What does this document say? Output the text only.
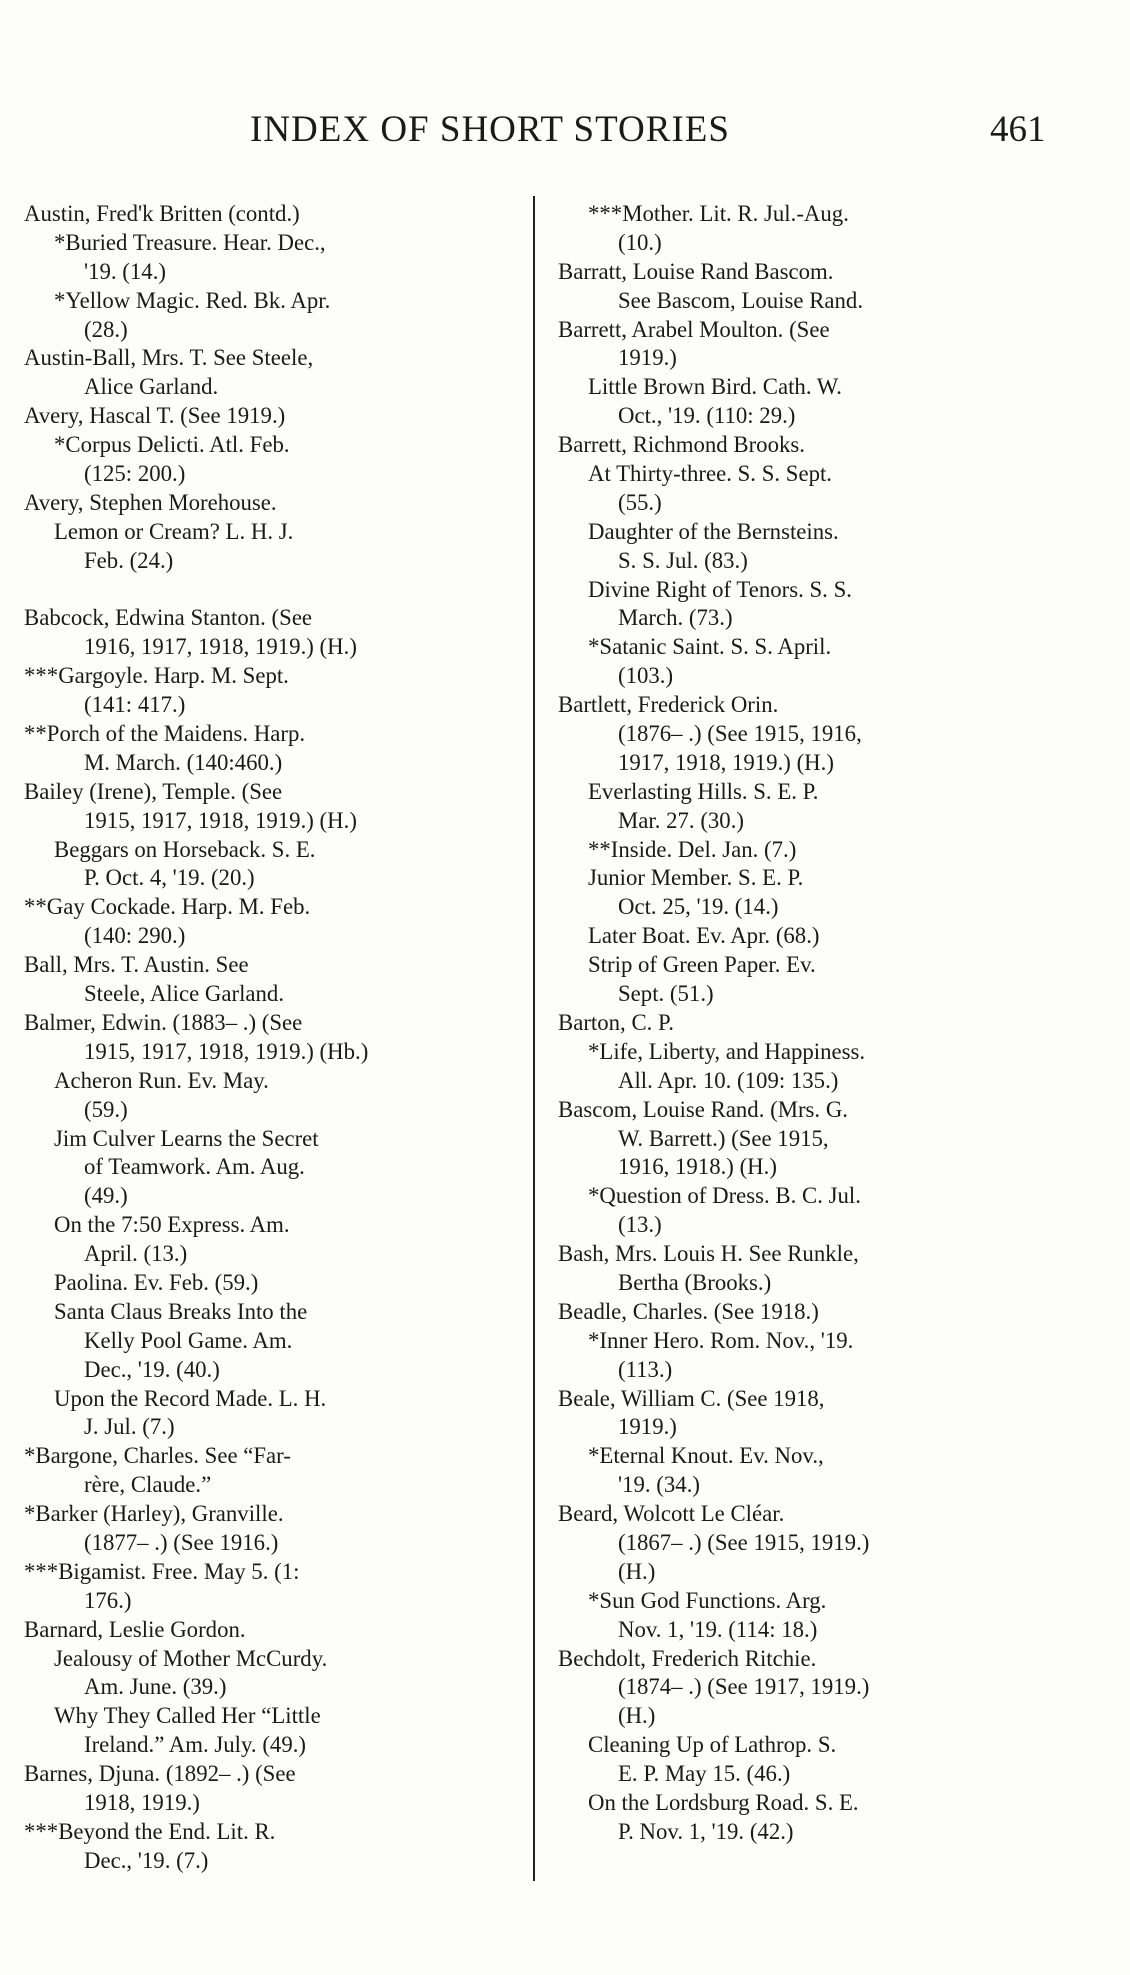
INDEX OF SHORT STORIES	461
Austin, Fred'k Britten (contd.)
*Buried Treasure. Hear. Dec.,
'19. (14.)
*Yellow Magic. Red. Bk. Apr.
(28.)
Austin-Ball, Mrs. T. See Steele,
Alice Garland.
Avery, Hascal T. (See 1919.)
*Corpus Delicti. Atl. Feb.
(125: 200.)
Avery, Stephen Morehouse.
Lemon or Cream? L. H. J.
Feb. (24.)
Babcock, Edwina Stanton. (See
1916, 1917, 1918, 1919.) (H.)
***Gargoyle. Harp. M. Sept.
(141: 417.)
**Porch of the Maidens. Harp.
M. March. (140:460.)
Bailey (Irene), Temple. (See
1915, 1917, 1918, 1919.) (H.)
Beggars on Horseback. S. E.
P. Oct. 4, '19. (20.)
**Gay Cockade. Harp. M. Feb.
(140: 290.)
Ball, Mrs. T. Austin. See
Steele, Alice Garland.
Balmer, Edwin. (1883– .) (See
1915, 1917, 1918, 1919.) (Hb.)
Acheron Run. Ev. May.
(59.)
Jim Culver Learns the Secret
of Teamwork. Am. Aug.
(49.)
On the 7:50 Express. Am.
April. (13.)
Paolina. Ev. Feb. (59.)
Santa Claus Breaks Into the
Kelly Pool Game. Am.
Dec., '19. (40.)
Upon the Record Made. L. H.
J. Jul. (7.)
*Bargone, Charles. See “Far-
rère, Claude.”
*Barker (Harley), Granville.
(1877– .) (See 1916.)
***Bigamist. Free. May 5. (1:
176.)
Barnard, Leslie Gordon.
Jealousy of Mother McCurdy.
Am. June. (39.)
Why They Called Her “Little
Ireland.” Am. July. (49.)
Barnes, Djuna. (1892– .) (See
1918, 1919.)
***Beyond the End. Lit. R.
Dec., '19. (7.)
***Mother. Lit. R. Jul.-Aug.
(10.)
Barratt, Louise Rand Bascom.
See Bascom, Louise Rand.
Barrett, Arabel Moulton. (See
1919.)
Little Brown Bird. Cath. W.
Oct., '19. (110: 29.)
Barrett, Richmond Brooks.
At Thirty-three. S. S. Sept.
(55.)
Daughter of the Bernsteins.
S. S. Jul. (83.)
Divine Right of Tenors. S. S.
March. (73.)
*Satanic Saint. S. S. April.
(103.)
Bartlett, Frederick Orin.
(1876– .) (See 1915, 1916,
1917, 1918, 1919.) (H.)
Everlasting Hills. S. E. P.
Mar. 27. (30.)
**Inside. Del. Jan. (7.)
Junior Member. S. E. P.
Oct. 25, '19. (14.)
Later Boat. Ev. Apr. (68.)
Strip of Green Paper. Ev.
Sept. (51.)
Barton, C. P.
*Life, Liberty, and Happiness.
All. Apr. 10. (109: 135.)
Bascom, Louise Rand. (Mrs. G.
W. Barrett.) (See 1915,
1916, 1918.) (H.)
*Question of Dress. B. C. Jul.
(13.)
Bash, Mrs. Louis H. See Runkle,
Bertha (Brooks.)
Beadle, Charles. (See 1918.)
*Inner Hero. Rom. Nov., '19.
(113.)
Beale, William C. (See 1918,
1919.)
*Eternal Knout. Ev. Nov.,
'19. (34.)
Beard, Wolcott Le Cléar.
(1867– .) (See 1915, 1919.)
(H.)
*Sun God Functions. Arg.
Nov. 1, '19. (114: 18.)
Bechdolt, Frederich Ritchie.
(1874– .) (See 1917, 1919.)
(H.)
Cleaning Up of Lathrop. S.
E. P. May 15. (46.)
On the Lordsburg Road. S. E.
P. Nov. 1, '19. (42.)
